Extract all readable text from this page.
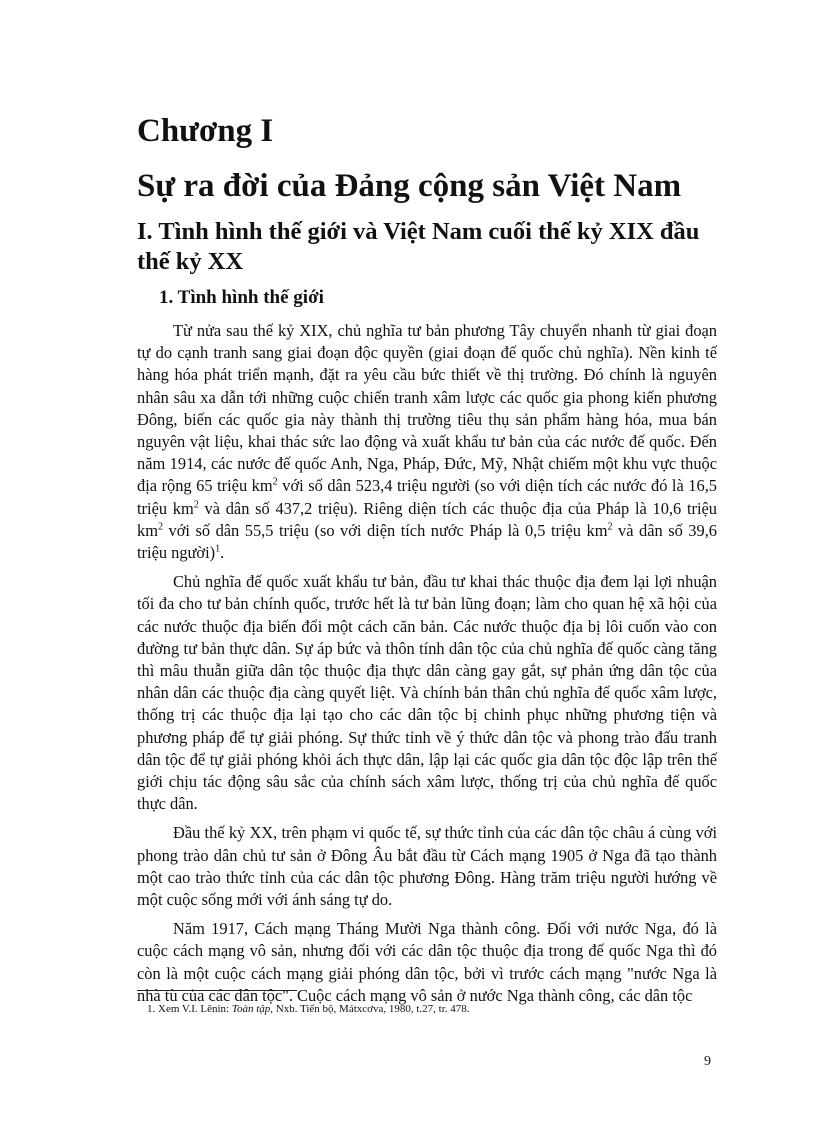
Chương I
Sự ra đời của Đảng cộng sản Việt Nam
I. Tình hình thế giới và Việt Nam cuối thế kỷ XIX đầu thế kỷ XX
1. Tình hình thế giới

Từ nửa sau thế kỷ XIX, chủ nghĩa tư bản phương Tây chuyển nhanh từ giai đoạn tự do cạnh tranh sang giai đoạn độc quyền (giai đoạn đế quốc chủ nghĩa). Nền kinh tế hàng hóa phát triển mạnh, đặt ra yêu cầu bức thiết về thị trường. Đó chính là nguyên nhân sâu xa dẫn tới những cuộc chiến tranh xâm lược các quốc gia phong kiến phương Đông, biến các quốc gia này thành thị trường tiêu thụ sản phẩm hàng hóa, mua bán nguyên vật liệu, khai thác sức lao động và xuất khẩu tư bản của các nước đế quốc. Đến năm 1914, các nước đế quốc Anh, Nga, Pháp, Đức, Mỹ, Nhật chiếm một khu vực thuộc địa rộng 65 triệu $km^2$ với số dân 523,4 triệu người (so với diện tích các nước đó là 16,5 triệu $km^2$ và dân số 437,2 triệu). Riêng diện tích các thuộc địa của Pháp là 10,6 triệu $km^2$ với số dân 55,5 triệu (so với diện tích nước Pháp là 0,5 triệu $km^2$ và dân số 39,6 triệu người)$^1$.

Chủ nghĩa đế quốc xuất khẩu tư bản, đầu tư khai thác thuộc địa đem lại lợi nhuận tối đa cho tư bản chính quốc, trước hết là tư bản lũng đoạn; làm cho quan hệ xã hội của các nước thuộc địa biến đổi một cách căn bản. Các nước thuộc địa bị lôi cuốn vào con đường tư bản thực dân. Sự áp bức và thôn tính dân tộc của chủ nghĩa đế quốc càng tăng thì mâu thuẫn giữa dân tộc thuộc địa thực dân càng gay gắt, sự phản ứng dân tộc của nhân dân các thuộc địa càng quyết liệt. Và chính bản thân chủ nghĩa đế quốc xâm lược, thống trị các thuộc địa lại tạo cho các dân tộc bị chinh phục những phương tiện và phương pháp để tự giải phóng. Sự thức tỉnh về ý thức dân tộc và phong trào đấu tranh dân tộc để tự giải phóng khỏi ách thực dân, lập lại các quốc gia dân tộc độc lập trên thế giới chịu tác động sâu sắc của chính sách xâm lược, thống trị của chủ nghĩa đế quốc thực dân.

Đầu thế kỷ XX, trên phạm vi quốc tế, sự thức tỉnh của các dân tộc châu á cùng với phong trào dân chủ tư sản ở Đông Âu bắt đầu từ Cách mạng 1905 ở Nga đã tạo thành một cao trào thức tỉnh của các dân tộc phương Đông. Hàng trăm triệu người hướng về một cuộc sống mới với ánh sáng tự do.

Năm 1917, Cách mạng Tháng Mười Nga thành công. Đối với nước Nga, đó là cuộc cách mạng vô sản, nhưng đối với các dân tộc thuộc địa trong đế quốc Nga thì đó còn là một cuộc cách mạng giải phóng dân tộc, bởi vì trước cách mạng "nước Nga là nhà tù của các dân tộc". Cuộc cách mạng vô sản ở nước Nga thành công, các dân tộc

1. Xem V.I. Lênin: Toàn tập, Nxb. Tiến bộ, Mátxcơva, 1980, t.27, tr. 478.
9
